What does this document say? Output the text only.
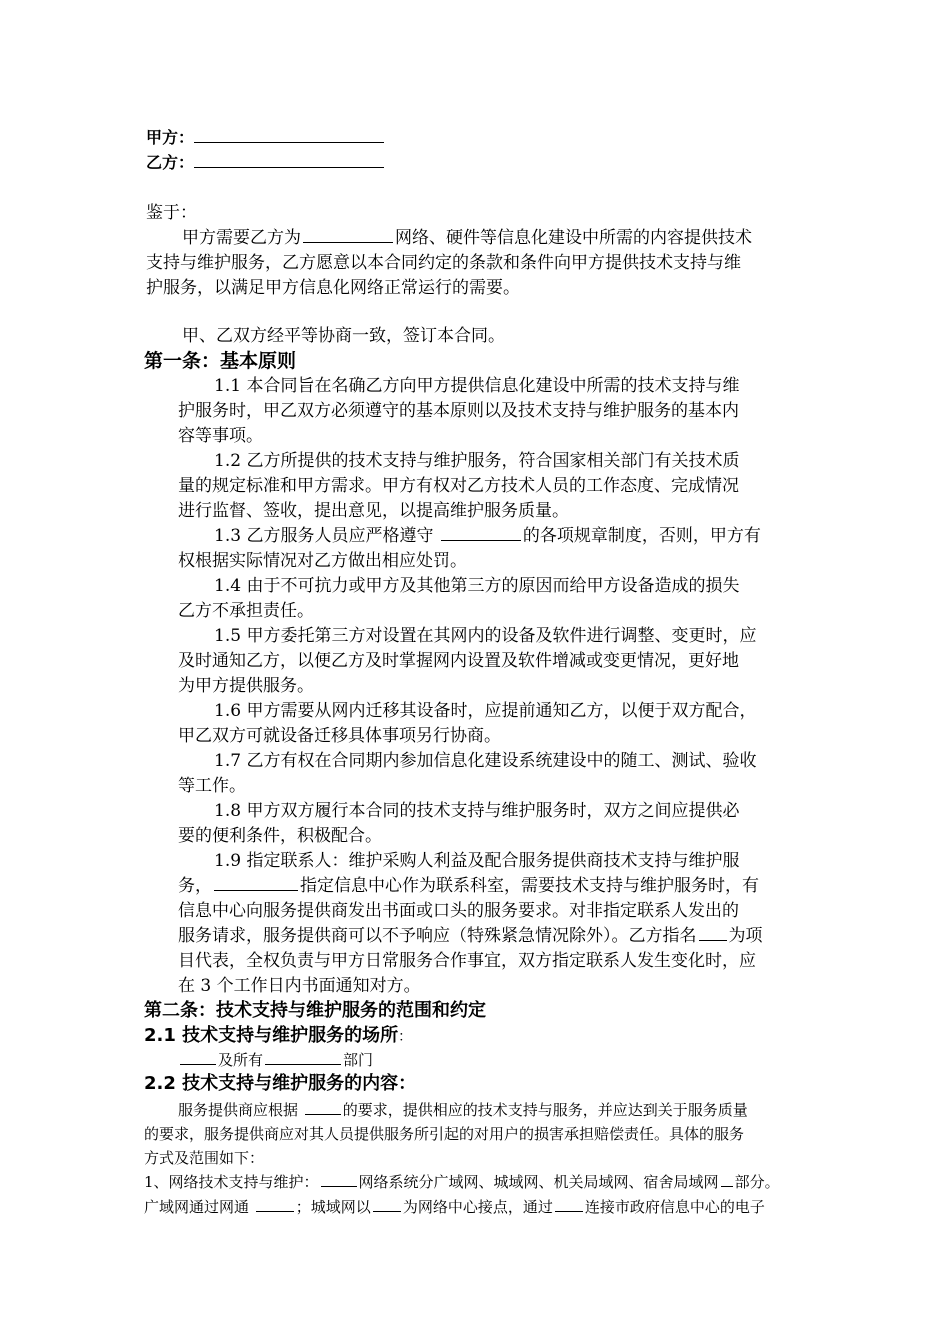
甲方：
乙方：
鉴于：
甲方需要乙方为	网络、硬件等信息化建设中所需的内容提供技术
支持与维护服务，乙方愿意以本合同约定的条款和条件向甲方提供技术支持与维
护服务，以满足甲方信息化网络正常运行的需要。
甲、乙双方经平等协商一致，签订本合同。
第一条：基本原则
1.1 本合同旨在名确乙方向甲方提供信息化建设中所需的技术支持与维
护服务时，甲乙双方必须遵守的基本原则以及技术支持与维护服务的基本内
容等事项。
1.2 乙方所提供的技术支持与维护服务，符合国家相关部门有关技术质
量的规定标准和甲方需求。甲方有权对乙方技术人员的工作态度、完成情况
进行监督、签收，提出意见，以提高维护服务质量。
1.3 乙方服务人员应严格遵守	的各项规章制度，否则，甲方有
权根据实际情况对乙方做出相应处罚。
1.4 由于不可抗力或甲方及其他第三方的原因而给甲方设备造成的损失
乙方不承担责任。
1.5 甲方委托第三方对设置在其网内的设备及软件进行调整、变更时，应
及时通知乙方，以便乙方及时掌握网内设置及软件增减或变更情况，更好地
为甲方提供服务。
1.6 甲方需要从网内迁移其设备时，应提前通知乙方，以便于双方配合，
甲乙双方可就设备迁移具体事项另行协商。
1.7 乙方有权在合同期内参加信息化建设系统建设中的随工、测试、验收
等工作。
1.8 甲方双方履行本合同的技术支持与维护服务时，双方之间应提供必
要的便利条件，积极配合。
1.9 指定联系人：维护采购人利益及配合服务提供商技术支持与维护服
务，	指定信息中心作为联系科室，需要技术支持与维护服务时，有
信息中心向服务提供商发出书面或口头的服务要求。对非指定联系人发出的
服务请求，服务提供商可以不予响应（特殊紧急情况除外）。乙方指名 为项
目代表，全权负责与甲方日常服务合作事宜，双方指定联系人发生变化时，应
在 3 个工作日内书面通知对方。
第二条：技术支持与维护服务的范围和约定
2.1 技术支持与维护服务的场所：
及所有	部门
2.2 技术支持与维护服务的内容：
服务提供商应根据	的要求，提供相应的技术支持与服务，并应达到关于服务质量
的要求，服务提供商应对其人员提供服务所引起的对用户的损害承担赔偿责任。具体的服务
方式及范围如下：
1、网络技术支持与维护：	网络系统分广域网、城域网、机关局域网、宿舍局域网 部分。
广域网通过网通	；城域网以 为网络中心接点，通过 连接市政府信息中心的电子
